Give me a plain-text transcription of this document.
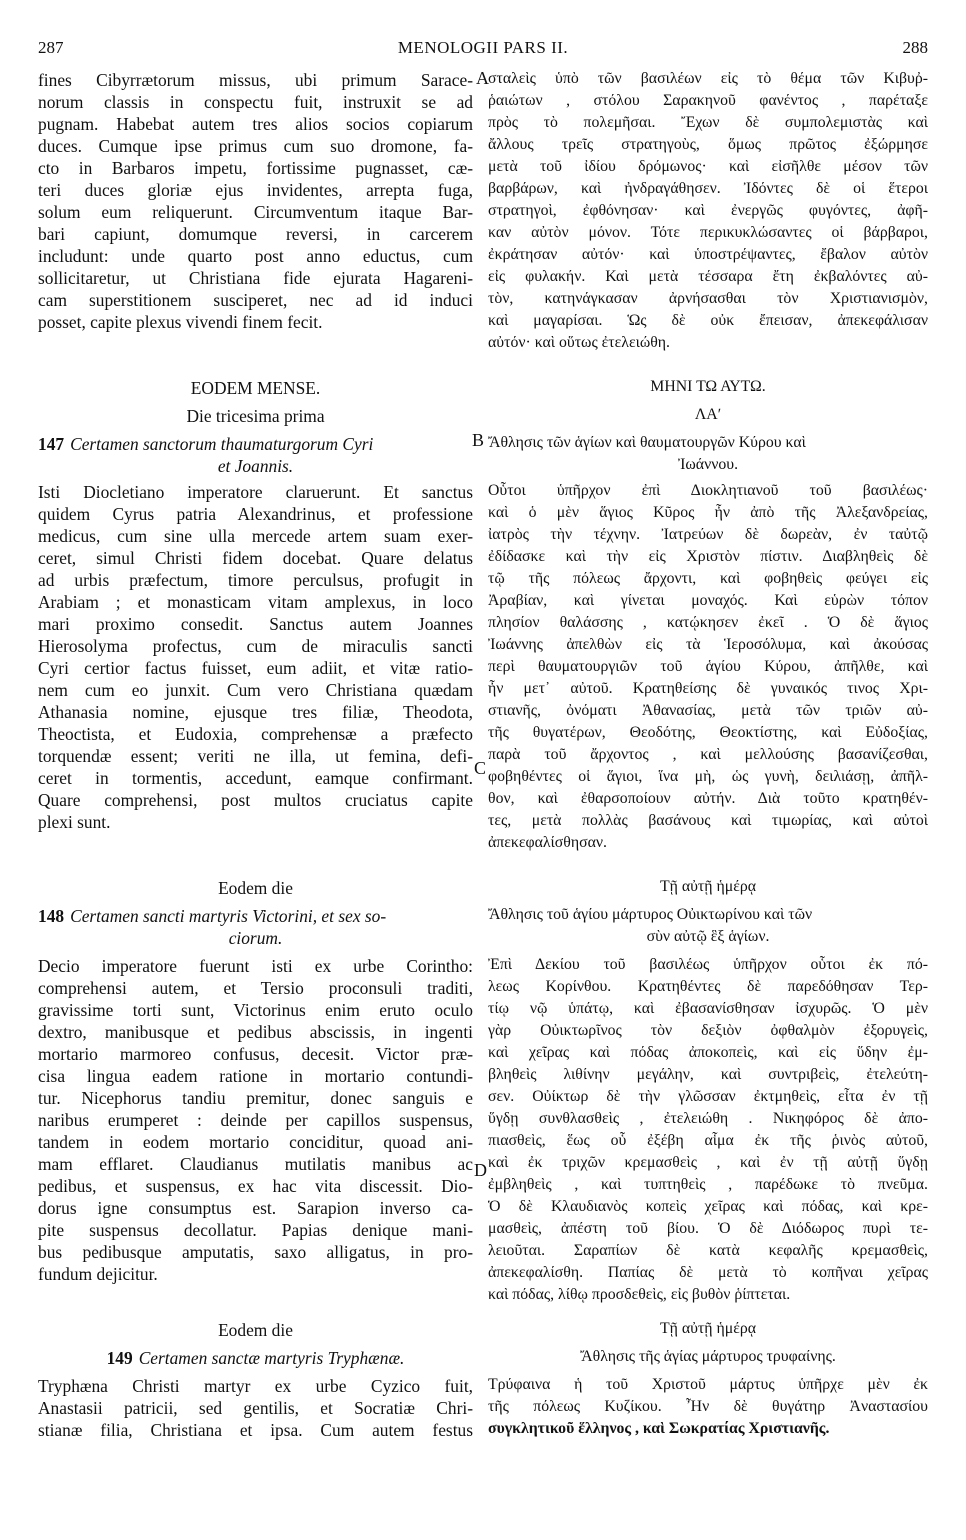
287	MENOLOGII PARS II.	288
A
B
C
D
fines Cibyrrætorum missus, ubi primum Sarace-
norum classis in conspectu fuit, instruxit se ad
pugnam. Habebat autem tres alios socios copiarum
duces. Cumque ipse primus cum suo dromone, fa-
cto in Barbaros impetu, fortissime pugnasset, cæ-
teri duces gloriæ ejus invidentes, arrepta fuga,
solum eum reliquerunt. Circumventum itaque Bar-
bari capiunt, domumque reversi, in carcerem
includunt: unde quarto post anno eductus, cum
sollicitaretur, ut Christiana fide ejurata Hagareni-
cam superstitionem susciperet, nec ad id induci
posset, capite plexus vivendi finem fecit.
EODEM MENSE.
Die tricesima prima
147 Certamen sanctorum thaumaturgorum Cyri
et Joannis.
Isti Diocletiano imperatore claruerunt. Et sanctus
quidem Cyrus patria Alexandrinus, et professione
medicus, cum sine ulla mercede artem suam exer-
ceret, simul Christi fidem docebat. Quare delatus
ad urbis præfectum, timore perculsus, profugit in
Arabiam ; et monasticam vitam amplexus, in loco
mari proximo consedit. Sanctus autem Joannes
Hierosolyma profectus, cum de miraculis sancti
Cyri certior factus fuisset, eum adiit, et vitæ ratio-
nem cum eo junxit. Cum vero Christiana quædam
Athanasia nomine, ejusque tres filiæ, Theodota,
Theoctista, et Eudoxia, comprehensæ a præfecto
torquendæ essent; veriti ne illa, ut femina, defi-
ceret in tormentis, accedunt, eamque confirmant.
Quare comprehensi, post multos cruciatus capite
plexi sunt.
Eodem die
148 Certamen sancti martyris Victorini, et sex so-
ciorum.
Decio imperatore fuerunt isti ex urbe Corintho:
comprehensi autem, et Tersio proconsuli traditi,
gravissime torti sunt, Victorinus enim eruto oculo
dextro, manibusque et pedibus abscissis, in ingenti
mortario marmoreo confusus, decesit. Victor præ-
cisa lingua eadem ratione in mortario contundi-
tur. Nicephorus tandiu premitur, donec sanguis e
naribus erumperet : deinde per capillos suspensus,
tandem in eodem mortario conciditur, quoad ani-
mam efflaret. Claudianus mutilatis manibus ac
pedibus, et suspensus, ex hac vita discessit. Dio-
dorus igne consumptus est. Sarapion inverso ca-
pite suspensus decollatur. Papias denique mani-
bus pedibusque amputatis, saxo alligatus, in pro-
fundum dejicitur.
Eodem die
149 Certamen sanctæ martyris Tryphænæ.
Tryphæna Christi martyr ex urbe Cyzico fuit,
Anastasii patricii, sed gentilis, et Socratiæ Chri-
stianæ filia, Christiana et ipsa. Cum autem festus
σταλεὶς ὑπὸ τῶν βασιλέων εἰς τὸ θέμα τῶν Κιβυῤ-
ῥαιώτων , στόλου Σαρακηνοῦ φανέντος , παρέταξε
πρὸς τὸ πολεμῆσαι. Ἔχων δὲ συμπολεμιστὰς καὶ
ἄλλους τρεῖς στρατηγοὺς, ὅμως πρῶτος ἐξώρμησε
μετὰ τοῦ ἰδίου δρόμωνος· καὶ εἰσῆλθε μέσον τῶν
βαρβάρων, καὶ ἠνδραγάθησεν. Ἰδόντες δὲ οἱ ἕτεροι
στρατηγοὶ, ἐφθόνησαν· καὶ ἐνεργῶς φυγόντες, ἀφῆ-
καν αὐτὸν μόνον. Τότε περικυκλώσαντες οἱ βάρβαροι,
ἐκράτησαν αὐτόν· καὶ ὑποστρέψαντες, ἔβαλον αὐτὸν
εἰς φυλακήν. Καὶ μετὰ τέσσαρα ἔτη ἐκβαλόντες αὐ-
τὸν, κατηνάγκασαν ἀρνήσασθαι τὸν Χριστιανισμὸν,
καὶ μαγαρίσαι. Ὡς δὲ οὐκ ἔπεισαν, ἀπεκεφάλισαν
αὐτόν· καὶ οὕτως ἐτελειώθη.
ΜΗΝΙ ΤΩ ΑΥΤΩ.
ΛΑʹ
Ἄθλησις τῶν ἁγίων καὶ θαυματουργῶν Κύρου καὶ
Ἰωάννου.
Οὗτοι ὑπῆρχον ἐπὶ Διοκλητιανοῦ τοῦ βασιλέως·
καὶ ὁ μὲν ἅγιος Κῦρος ἦν ἀπὸ τῆς Ἀλεξανδρείας,
ἰατρὸς τὴν τέχνην. Ἰατρεύων δὲ δωρεὰν, ἐν ταὐτῷ
ἐδίδασκε καὶ τὴν εἰς Χριστὸν πίστιν. Διαβληθεὶς δὲ
τῷ τῆς πόλεως ἄρχοντι, καὶ φοβηθεὶς φεύγει εἰς
Ἀραβίαν, καὶ γίνεται μοναχός. Καὶ εὑρὼν τόπον
πλησίον θαλάσσης , κατῴκησεν ἐκεῖ . Ὁ δὲ ἅγιος
Ἰωάννης ἀπελθὼν εἰς τὰ Ἱεροσόλυμα, καὶ ἀκούσας
περὶ θαυματουργιῶν τοῦ ἁγίου Κύρου, ἀπῆλθε, καὶ
ἦν μετ᾽ αὐτοῦ. Κρατηθείσης δὲ γυναικός τινος Χρι-
στιανῆς, ὀνόματι Ἀθανασίας, μετὰ τῶν τριῶν αὐ-
τῆς θυγατέρων, Θεοδότης, Θεοκτίστης, καὶ Εὐδοξίας,
παρὰ τοῦ ἄρχοντος , καὶ μελλούσης βασανίζεσθαι,
φοβηθέντες οἱ ἅγιοι, ἵνα μὴ, ὡς γυνὴ, δειλιάσῃ, ἀπῆλ-
θον, καὶ ἐθαρσοποίουν αὐτήν. Διὰ τοῦτο κρατηθέν-
τες, μετὰ πολλὰς βασάνους καὶ τιμωρίας, καὶ αὐτοὶ
ἀπεκεφαλίσθησαν.
Τῇ αὐτῇ ἡμέρᾳ
Ἄθλησις τοῦ ἁγίου μάρτυρος Οὐικτωρίνου καὶ τῶν
σὺν αὐτῷ ἓξ ἁγίων.
Ἐπὶ Δεκίου τοῦ βασιλέως ὑπῆρχον οὗτοι ἐκ πό-
λεως Κορίνθου. Κρατηθέντες δὲ παρεδόθησαν Τερ-
τίῳ νῷ ὑπάτῳ, καὶ ἐβασανίσθησαν ἰσχυρῶς. Ὁ μὲν
γὰρ Οὐικτωρῖνος τὸν δεξιὸν ὀφθαλμὸν ἐξορυγεὶς,
καὶ χεῖρας καὶ πόδας ἀποκοπεὶς, καὶ εἰς ὕδην ἐμ-
βληθεὶς λιθίνην μεγάλην, καὶ συντριβεὶς, ἐτελεύτη-
σεν. Οὐίκτωρ δὲ τὴν γλῶσσαν ἐκτμηθεὶς, εἶτα ἐν τῇ
ὕγδῃ συνθλασθεὶς , ἐτελειώθη . Νικηφόρος δὲ ἀπο-
πιασθεὶς, ἕως οὗ ἐξέβη αἷμα ἐκ τῆς ῥινὸς αὐτοῦ,
καὶ ἐκ τριχῶν κρεμασθεὶς , καὶ ἐν τῇ αὐτῇ ὕγδῃ
ἐμβληθεὶς , καὶ τυπτηθεὶς , παρέδωκε τὸ πνεῦμα.
Ὁ δὲ Κλαυδιανὸς κοπεὶς χεῖρας καὶ πόδας, καὶ κρε-
μασθεὶς, ἀπέστη τοῦ βίου. Ὁ δὲ Διόδωρος πυρὶ τε-
λειοῦται. Σαραπίων δὲ κατὰ κεφαλῆς κρεμασθεὶς,
ἀπεκεφαλίσθη. Παπίας δὲ μετὰ τὸ κοπῆναι χεῖρας
καὶ πόδας, λίθῳ προσδεθεὶς, εἰς βυθὸν ῥίπτεται.
Τῇ αὐτῇ ἡμέρᾳ
Ἄθλησις τῆς ἁγίας μάρτυρος τρυφαίνης.
Τρύφαινα ἡ τοῦ Χριστοῦ μάρτυς ὑπῆρχε μὲν ἐκ
τῆς πόλεως Κυζίκου. Ἦν δὲ θυγάτηρ Ἀναστασίου
συγκλητικοῦ ἕλληνος , καὶ Σωκρατίας Χριστιανῆς.
